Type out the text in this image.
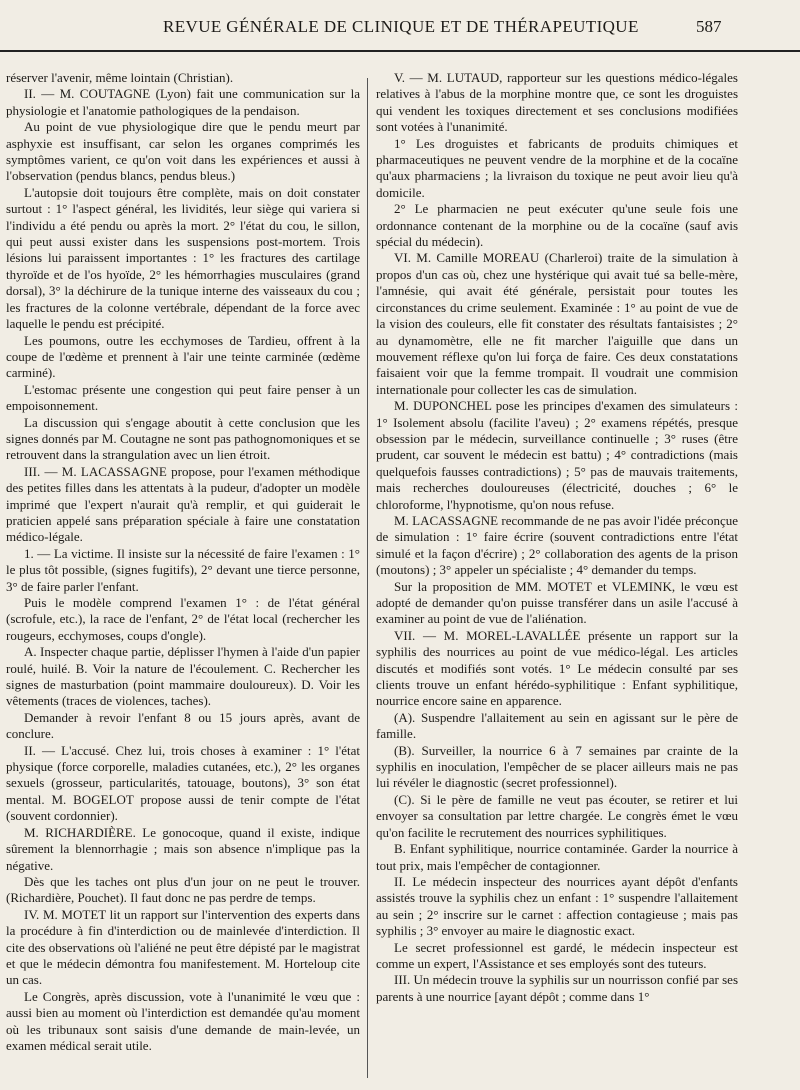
REVUE GÉNÉRALE DE CLINIQUE ET DE THÉRAPEUTIQUE	587

réserver l'avenir, même lointain (Christian).

II. — M. COUTAGNE (Lyon) fait une communication sur la physiologie et l'anatomie pathologiques de la pendaison.

Au point de vue physiologique dire que le pendu meurt par asphyxie est insuffisant, car selon les organes comprimés les symptômes varient, ce qu'on voit dans les expériences et aussi à l'observation (pendus blancs, pendus bleus.)

L'autopsie doit toujours être complète, mais on doit constater surtout : 1° l'aspect général, les lividités, leur siège qui variera si l'individu a été pendu ou après la mort. 2° l'état du cou, le sillon, qui peut aussi exister dans les suspensions post-mortem. Trois lésions lui paraissent importantes : 1° les fractures des cartilage thyroïde et de l'os hyoïde, 2° les hémorrhagies musculaires (grand dorsal), 3° la déchirure de la tunique interne des vaisseaux du cou ; les fractures de la colonne vertébrale, dépendant de la force avec laquelle le pendu est précipité.

Les poumons, outre les ecchymoses de Tardieu, offrent à la coupe de l'œdème et prennent à l'air une teinte carminée (œdème carminé).

L'estomac présente une congestion qui peut faire penser à un empoisonnement.

La discussion qui s'engage aboutit à cette conclusion que les signes donnés par M. Coutagne ne sont pas pathognomoniques et se retrouvent dans la strangulation avec un lien étroit.

III. — M. LACASSAGNE propose, pour l'examen méthodique des petites filles dans les attentats à la pudeur, d'adopter un modèle imprimé que l'expert n'aurait qu'à remplir, et qui guiderait le praticien appelé sans préparation spéciale à faire une constatation médico-légale.

1. — La victime. Il insiste sur la nécessité de faire l'examen : 1° le plus tôt possible, (signes fugitifs), 2° devant une tierce personne, 3° de faire parler l'enfant.

Puis le modèle comprend l'examen 1° : de l'état général (scrofule, etc.), la race de l'enfant, 2° de l'état local (rechercher les rougeurs, ecchymoses, coups d'ongle).

A. Inspecter chaque partie, déplisser l'hymen à l'aide d'un papier roulé, huilé. B. Voir la nature de l'écoulement. C. Rechercher les signes de masturbation (point mammaire douloureux). D. Voir les vêtements (traces de violences, taches).

Demander à revoir l'enfant 8 ou 15 jours après, avant de conclure.

II. — L'accusé. Chez lui, trois choses à examiner : 1° l'état physique (force corporelle, maladies cutanées, etc.), 2° les organes sexuels (grosseur, particularités, tatouage, boutons), 3° son état mental. M. BOGELOT propose aussi de tenir compte de l'état (souvent cordonnier).

M. RICHARDIÈRE. Le gonocoque, quand il existe, indique sûrement la blennorrhagie ; mais son absence n'implique pas la négative.

Dès que les taches ont plus d'un jour on ne peut le trouver. (Richardière, Pouchet). Il faut donc ne pas perdre de temps.

IV. M. MOTET lit un rapport sur l'intervention des experts dans la procédure à fin d'interdiction ou de mainlevée d'interdiction. Il cite des observations où l'aliéné ne peut être dépisté par le magistrat et que le médecin démontra fou manifestement. M. Horteloup cite un cas.

Le Congrès, après discussion, vote à l'unanimité le vœu que : aussi bien au moment où l'interdiction est demandée qu'au moment où les tribunaux sont saisis d'une demande de main-levée, un examen médical serait utile.

V. — M. LUTAUD, rapporteur sur les questions médico-légales relatives à l'abus de la morphine montre que, ce sont les droguistes qui vendent les toxiques directement et ses conclusions modifiées sont votées à l'unanimité.

1° Les droguistes et fabricants de produits chimiques et pharmaceutiques ne peuvent vendre de la morphine et de la cocaïne qu'aux pharmaciens ; la livraison du toxique ne peut avoir lieu qu'à domicile.

2° Le pharmacien ne peut exécuter qu'une seule fois une ordonnance contenant de la morphine ou de la cocaïne (sauf avis spécial du médecin).

VI. M. Camille MOREAU (Charleroi) traite de la simulation à propos d'un cas où, chez une hystérique qui avait tué sa belle-mère, l'amnésie, qui avait été générale, persistait pour toutes les circonstances du crime seulement. Examinée : 1° au point de vue de la vision des couleurs, elle fit constater des résultats fantaisistes ; 2° au dynamomètre, elle ne fit marcher l'aiguille que dans un mouvement réflexe qu'on lui força de faire. Ces deux constatations faisaient voir que la femme trompait. Il voudrait une commision internationale pour collecter les cas de simulation.

M. DUPONCHEL pose les principes d'examen des simulateurs : 1° Isolement absolu (facilite l'aveu) ; 2° examens répétés, presque obsession par le médecin, surveillance continuelle ; 3° ruses (être prudent, car souvent le médecin est battu) ; 4° contradictions (mais quelquefois fausses contradictions) ; 5° pas de mauvais traitements, mais recherches douloureuses (électricité, douches ; 6° le chloroforme, l'hypnotisme, qu'on nous refuse.

M. LACASSAGNE recommande de ne pas avoir l'idée préconçue de simulation : 1° faire écrire (souvent contradictions entre l'état simulé et la façon d'écrire) ; 2° collaboration des agents de la prison (moutons) ; 3° appeler un spécialiste ; 4° demander du temps.

Sur la proposition de MM. MOTET et VLEMINK, le vœu est adopté de demander qu'on puisse transférer dans un asile l'accusé à examiner au point de vue de l'aliénation.

VII. — M. MOREL-LAVALLÉE présente un rapport sur la syphilis des nourrices au point de vue médico-légal. Les articles discutés et modifiés sont votés. 1° Le médecin consulté par ses clients trouve un enfant hérédo-syphilitique : Enfant syphilitique, nourrice encore saine en apparence.

(A). Suspendre l'allaitement au sein en agissant sur le père de famille.

(B). Surveiller, la nourrice 6 à 7 semaines par crainte de la syphilis en inoculation, l'empêcher de se placer ailleurs mais ne pas lui révéler le diagnostic (secret professionnel).

(C). Si le père de famille ne veut pas écouter, se retirer et lui envoyer sa consultation par lettre chargée. Le congrès émet le vœu qu'on facilite le recrutement des nourrices syphilitiques.

B. Enfant syphilitique, nourrice contaminée. Garder la nourrice à tout prix, mais l'empêcher de contagionner.

II. Le médecin inspecteur des nourrices ayant dépôt d'enfants assistés trouve la syphilis chez un enfant : 1° suspendre l'allaitement au sein ; 2° inscrire sur le carnet : affection contagieuse ; mais pas syphilis ; 3° envoyer au maire le diagnostic exact.

Le secret professionnel est gardé, le médecin inspecteur est comme un expert, l'Assistance et ses employés sont des tuteurs.

III. Un médecin trouve la syphilis sur un nourrisson confié par ses parents à une nourrice [ayant dépôt ; comme dans 1°
